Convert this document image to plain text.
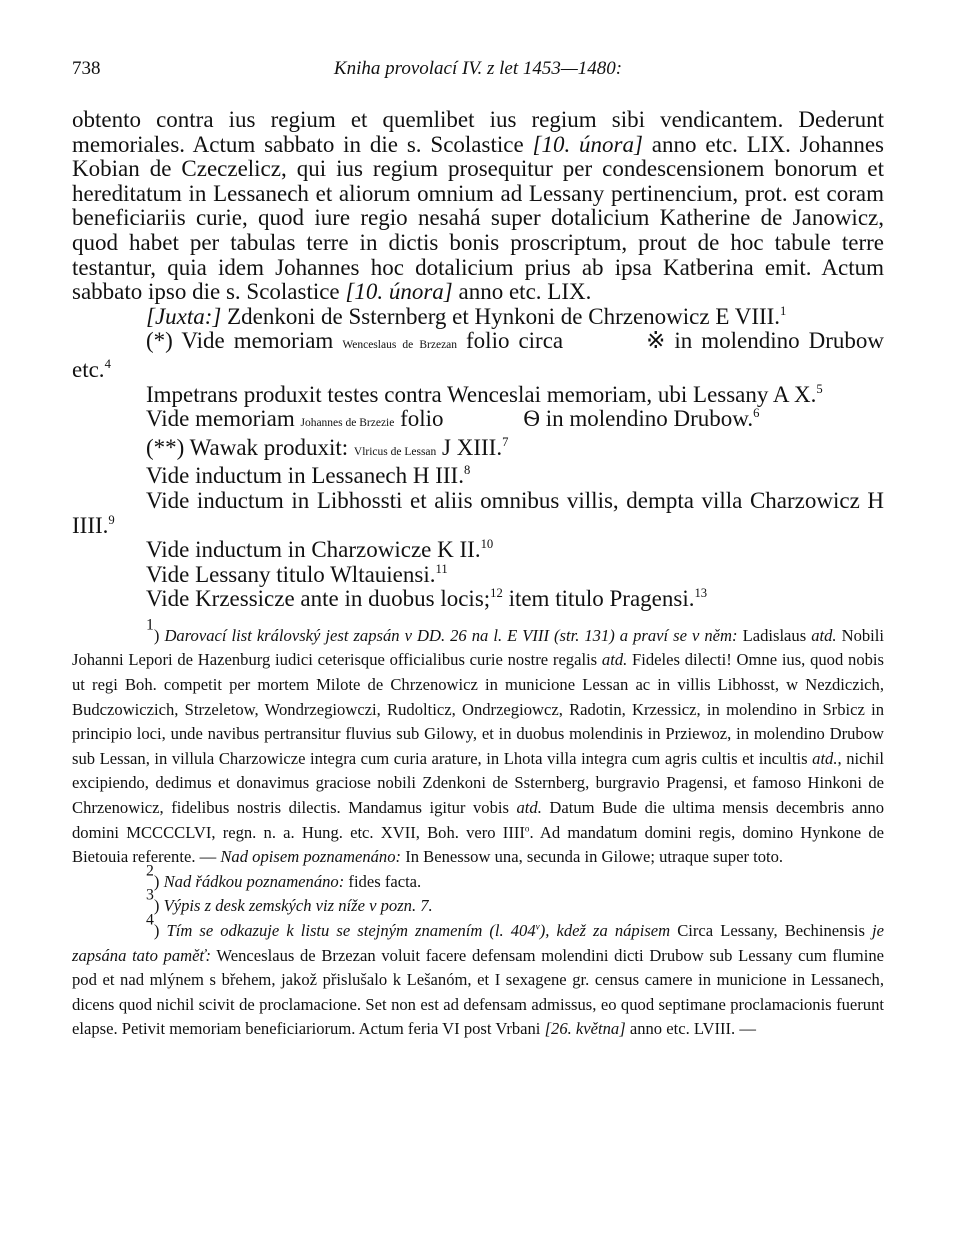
738	Kniha provolací IV. z let 1453—1480:

obtento contra ius regium et quemlibet ius regium sibi vendicantem. Dederunt memoriales. Actum sabbato in die s. Scolastice [10. února] anno etc. LIX. Johannes Kobian de Czeczelicz, qui ius regium prosequitur per condescensionem bonorum et hereditatum in Lessanech et aliorum omnium ad Lessany pertinencium, prot. est coram beneficiariis curie, quod iure regio nesahá super dotalicium Katherine de Janowicz, quod habet per tabulas terre in dictis bonis proscriptum, prout de hoc tabule terre testantur, quia idem Johannes hoc dotalicium prius ab ipsa Katberina emit. Actum sabbato ipso die s. Scolastice [10. února] anno etc. LIX.

[Juxta:] Zdenkoni de Ssternberg et Hynkoni de Chrzenowicz E VIII.$^1$

(*) Vide memoriam Wenceslaus de Brzezan folio circa	※ in molendino Drubow etc.$^4$

Impetrans produxit testes contra Wenceslai memoriam, ubi Lessany A X.$^5$

Vide memoriam Johannes de Brzezie folio	Ѳ in molendino Drubow.$^6$

(**) Wawak produxit: Vlricus de Lessan J XIII.$^7$

Vide inductum in Lessanech H III.$^8$

Vide inductum in Libhossti et aliis omnibus villis, dempta villa Charzowicz H IIII.$^9$

Vide inductum in Charzowicze K II.$^{10}$

Vide Lessany titulo Wltauiensi.$^{11}$

Vide Krzessicze ante in duobus locis;$^{12}$ item titulo Pragensi.$^{13}$

$^1$) Darovací list královský jest zapsán v DD. 26 na l. E VIII (str. 131) a praví se v něm: Ladislaus atd. Nobili Johanni Lepori de Hazenburg iudici ceterisque officialibus curie nostre regalis atd. Fideles dilecti! Omne ius, quod nobis ut regi Boh. competit per mortem Milote de Chrzenowicz in municione Lessan ac in villis Libhosst, w Nezdiczich, Budczowiczich, Strzeletow, Wondrzegiowczi, Rudolticz, Ondrzegiowcz, Radotin, Krzessicz, in molendino in Srbicz in principio loci, unde navibus pertransitur fluvius sub Gilowy, et in duobus molendinis in Prziewoz, in molendino Drubow sub Lessan, in villula Charzowicze integra cum curia arature, in Lhota villa integra cum agris cultis et incultis atd., nichil excipiendo, dedimus et donavimus graciose nobili Zdenkoni de Ssternberg, burgravio Pragensi, et famoso Hinkoni de Chrzenowicz, fidelibus nostris dilectis. Mandamus igitur vobis atd. Datum Bude die ultima mensis decembris anno domini MCCCCLVI, regn. n. a. Hung. etc. XVII, Boh. vero IIII$^o$. Ad mandatum domini regis, domino Hynkone de Bietouia referente. — Nad opisem poznamenáno: In Benessow una, secunda in Gilowe; utraque super toto.

$^2$) Nad řádkou poznamenáno: fides facta.

$^3$) Výpis z desk zemských viz níže v pozn. 7.

$^4$) Tím se odkazuje k listu se stejným znamením (l. 404$^v$), kdež za nápisem Circa Lessany, Bechinensis je zapsána tato paměť: Wenceslaus de Brzezan voluit facere defensam molendini dicti Drubow sub Lessany cum flumine pod et nad mlýnem s břehem, jakož přislušalo k Lešanóm, et I sexagene gr. census camere in municione in Lessanech, dicens quod nichil scivit de proclamacione. Set non est ad defensam admissus, eo quod septimane proclamacionis fuerunt elapse. Petivit memoriam beneficiariorum. Actum feria VI post Vrbani [26. května] anno etc. LVIII. —
